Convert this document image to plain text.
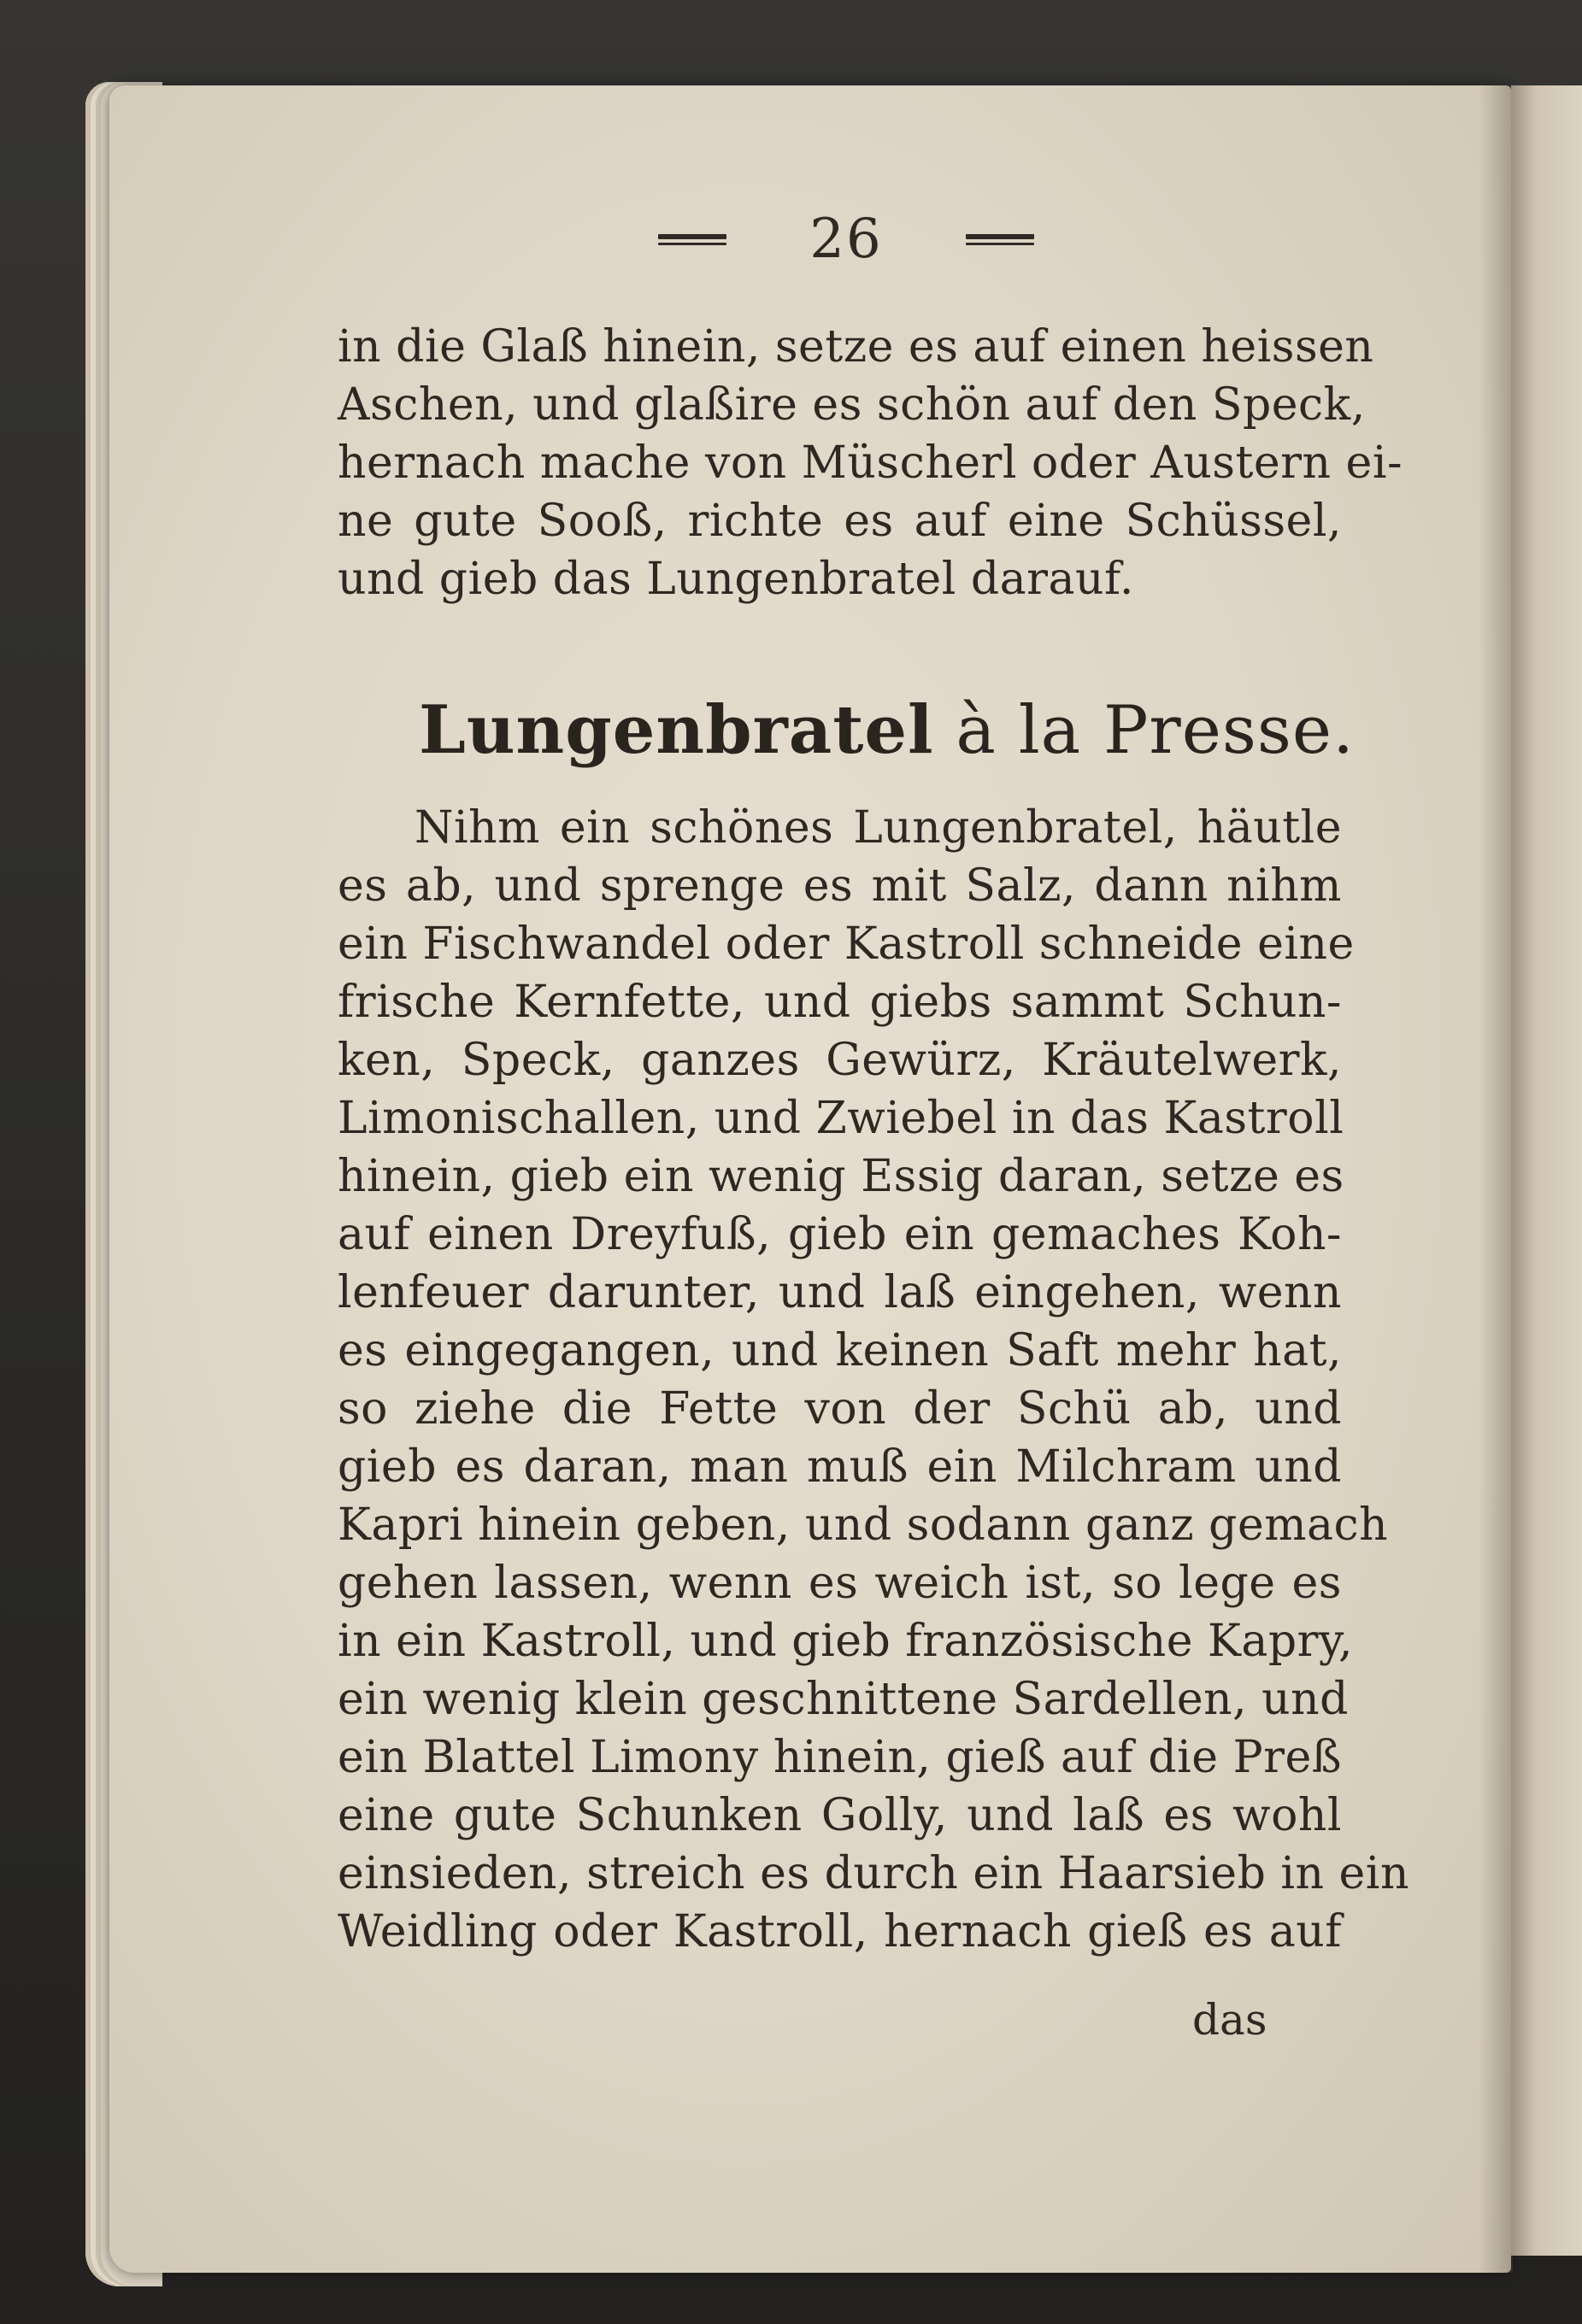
26
in die Glaß hinein, setze es auf einen heissen
Aschen, und glaßire es schön auf den Speck,
hernach mache von Müscherl oder Austern ei-
ne gute Sooß, richte es auf eine Schüssel,
und gieb das Lungenbratel darauf.
Lungenbratel à la Presse.
Nihm ein schönes Lungenbratel, häutle
es ab, und sprenge es mit Salz, dann nihm
ein Fischwandel oder Kastroll schneide eine
frische Kernfette, und giebs sammt Schun-
ken, Speck, ganzes Gewürz, Kräutelwerk,
Limonischallen, und Zwiebel in das Kastroll
hinein, gieb ein wenig Essig daran, setze es
auf einen Dreyfuß, gieb ein gemaches Koh-
lenfeuer darunter, und laß eingehen, wenn
es eingegangen, und keinen Saft mehr hat,
so ziehe die Fette von der Schü ab, und
gieb es daran, man muß ein Milchram und
Kapri hinein geben, und sodann ganz gemach
gehen lassen, wenn es weich ist, so lege es
in ein Kastroll, und gieb französische Kapry,
ein wenig klein geschnittene Sardellen, und
ein Blattel Limony hinein, gieß auf die Preß
eine gute Schunken Golly, und laß es wohl
einsieden, streich es durch ein Haarsieb in ein
Weidling oder Kastroll, hernach gieß es auf
das
